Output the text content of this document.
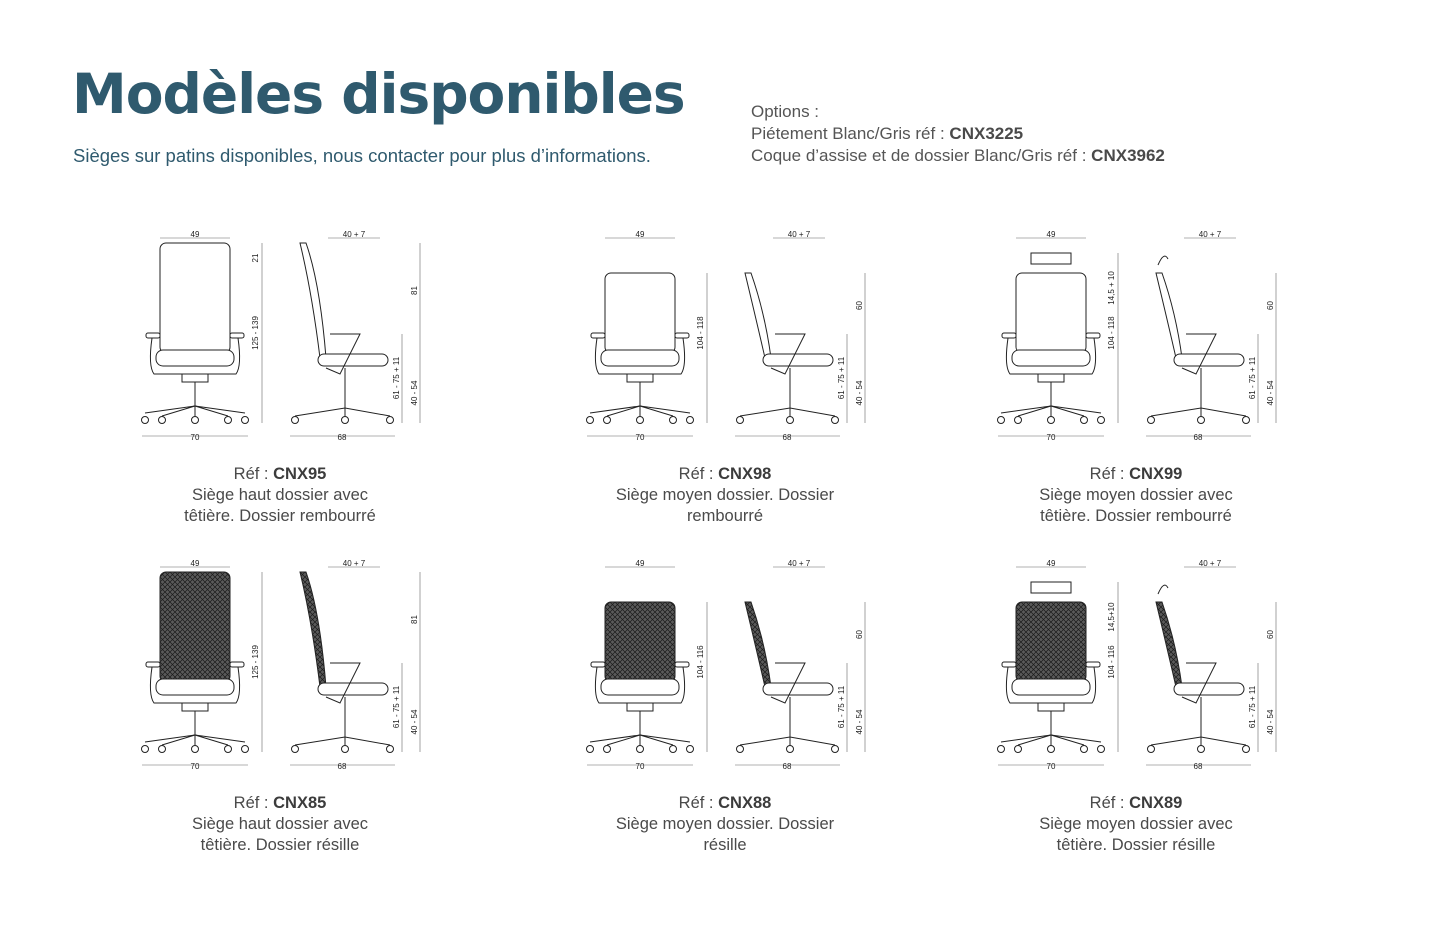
Modèles disponibles

Sièges sur patins disponibles, nous contacter pour plus d’informations.

Options :
Piétement Blanc/Gris réf : CNX3225
Coque d’assise et de dossier Blanc/Gris réf : CNX3962
49
70
125 - 139
21
40 + 7
68
81
61 - 75 + 11 40 - 54
Réf : CNX95
Siège haut dossier avec têtière. Dossier rembourré
49
70
104 - 118
40 + 7
68
60
61 - 75 + 11 40 - 54
Réf : CNX98
Siège moyen dossier. Dossier rembourré
49
70
104 - 118
14,5 + 10
40 + 7
68
60
61 - 75 + 11 40 - 54
Réf : CNX99
Siège moyen dossier avec têtière. Dossier rembourré
49
70
125 - 139
40 + 7
68
81
61 - 75 + 11 40 - 54
Réf : CNX85
Siège haut dossier avec têtière. Dossier résille
49
70
104 - 116
40 + 7
68
60
61 - 75 + 11 40 - 54
Réf : CNX88
Siège moyen dossier. Dossier résille
49
70
104 - 116
14,5+10
40 + 7
68
60
61 - 75 + 11 40 - 54
Réf : CNX89
Siège moyen dossier avec têtière. Dossier résille
